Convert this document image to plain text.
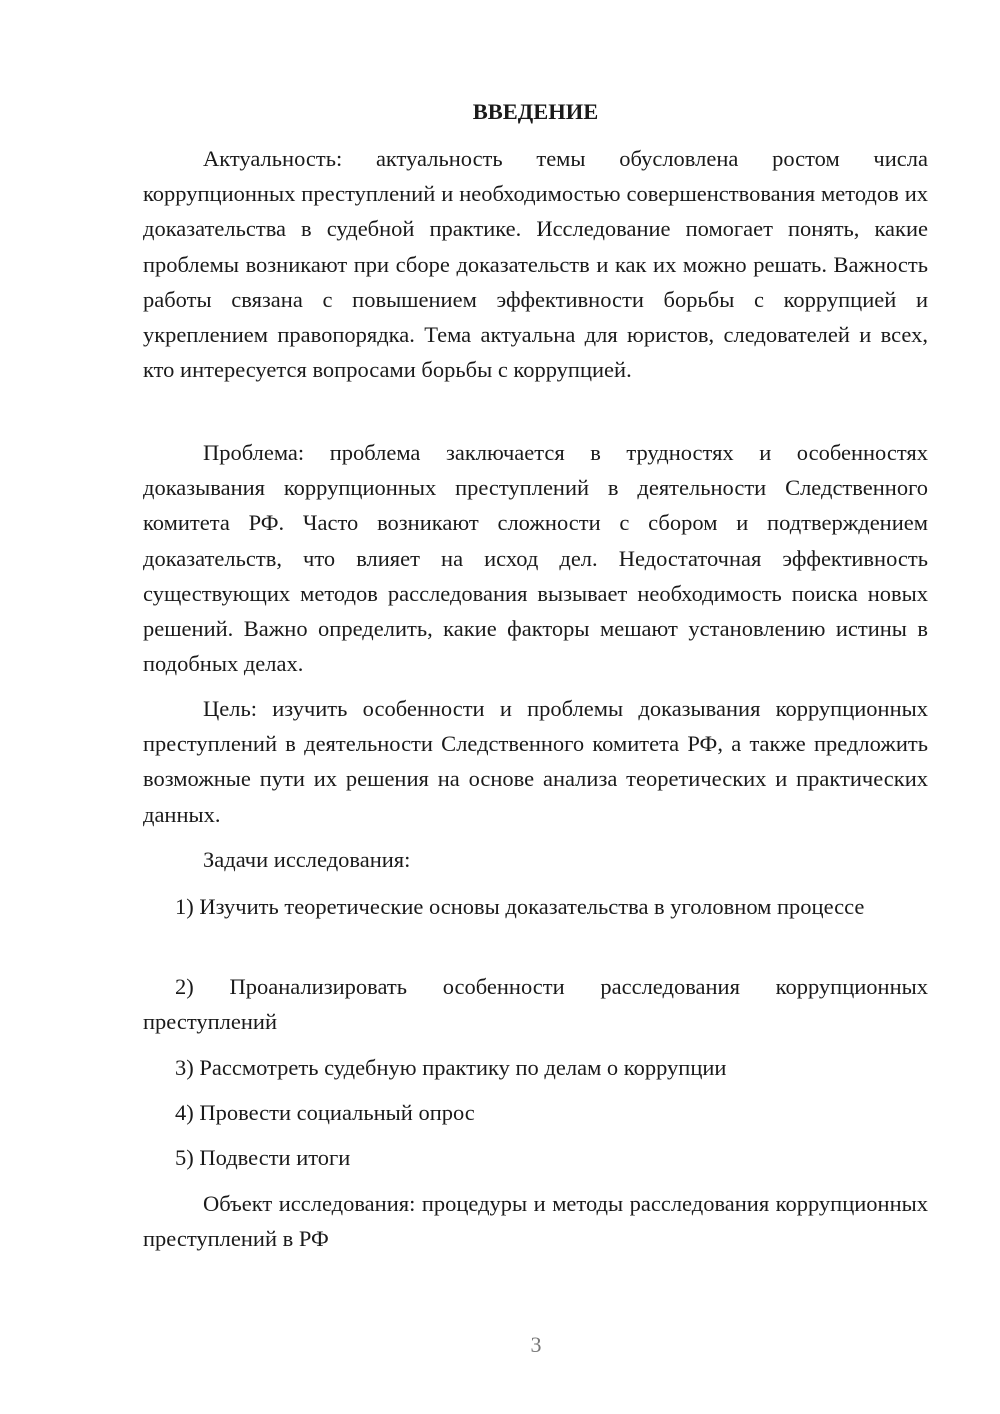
ВВЕДЕНИЕ

Актуальность: актуальность темы обусловлена ростом числа коррупционных преступлений и необходимостью совершенствования методов их доказательства в судебной практике. Исследование помогает понять, какие проблемы возникают при сборе доказательств и как их можно решать. Важность работы связана с повышением эффективности борьбы с коррупцией и укреплением правопорядка. Тема актуальна для юристов, следователей и всех, кто интересуется вопросами борьбы с коррупцией.

Проблема: проблема заключается в трудностях и особенностях доказывания коррупционных преступлений в деятельности Следственного комитета РФ. Часто возникают сложности с сбором и подтверждением доказательств, что влияет на исход дел. Недостаточная эффективность существующих методов расследования вызывает необходимость поиска новых решений. Важно определить, какие факторы мешают установлению истины в подобных делах.

Цель: изучить особенности и проблемы доказывания коррупционных преступлений в деятельности Следственного комитета РФ, а также предложить возможные пути их решения на основе анализа теоретических и практических данных.

Задачи исследования:

1) Изучить теоретические основы доказательства в уголовном процессе

2) Проанализировать особенности расследования коррупционных преступлений

3) Рассмотреть судебную практику по делам о коррупции

4) Провести социальный опрос

5) Подвести итоги

Объект исследования: процедуры и методы расследования коррупционных преступлений в РФ

3
